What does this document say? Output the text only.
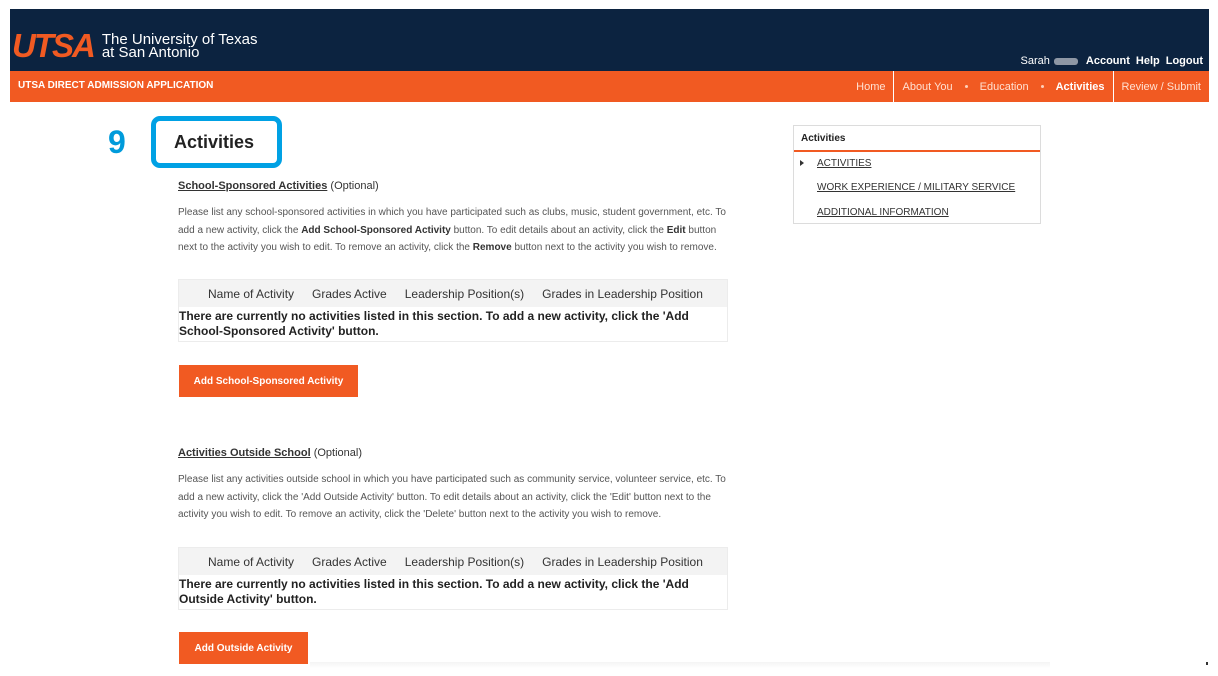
UTSA The University of Texas
at San Antonio	Sarah	Account Help Logout
UTSA DIRECT ADMISSION APPLICATION	Home	About You	Education	Activities	Review / Submit
9	Activities
School-Sponsored Activities (Optional)
Please list any school-sponsored activities in which you have participated such as clubs, music, student government, etc. To add a new activity, click the Add School-Sponsored Activity button. To edit details about an activity, click the Edit button next to the activity you wish to edit. To remove an activity, click the Remove button next to the activity you wish to remove.
Name of Activity	Grades Active	Leadership Position(s)	Grades in Leadership Position
There are currently no activities listed in this section. To add a new activity, click the 'Add School-Sponsored Activity' button.
Add School-Sponsored Activity
Activities Outside School (Optional)
Please list any activities outside school in which you have participated such as community service, volunteer service, etc. To add a new activity, click the 'Add Outside Activity' button. To edit details about an activity, click the 'Edit' button next to the activity you wish to edit. To remove an activity, click the 'Delete' button next to the activity you wish to remove.
Name of Activity	Grades Active	Leadership Position(s)	Grades in Leadership Position
There are currently no activities listed in this section. To add a new activity, click the 'Add Outside Activity' button.
Add Outside Activity
Activities
ACTIVITIES
WORK EXPERIENCE / MILITARY SERVICE
ADDITIONAL INFORMATION
